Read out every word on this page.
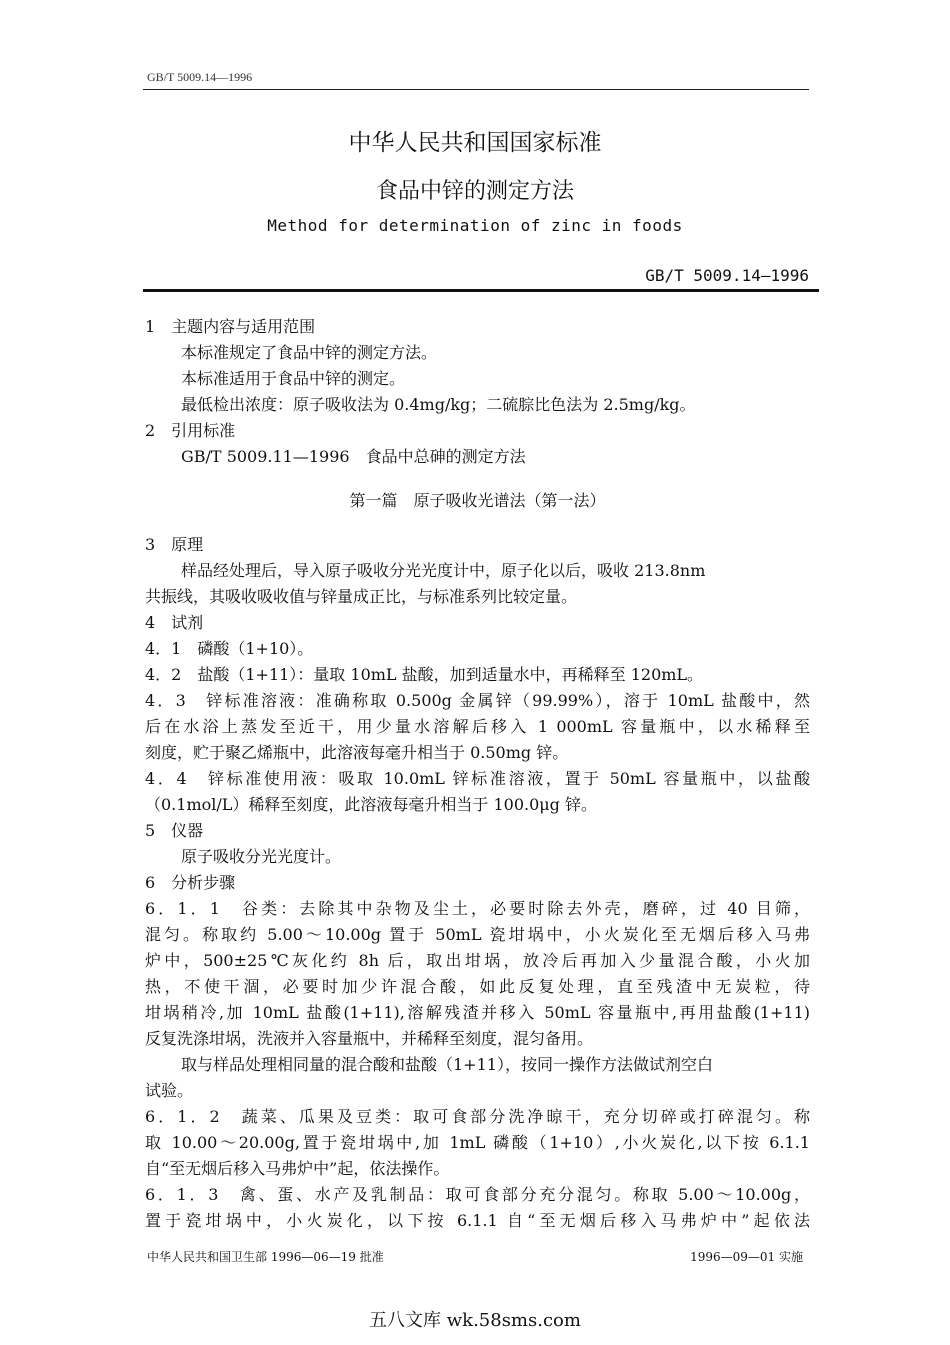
GB/T 5009.14—1996
中华人民共和国国家标准
食品中锌的测定方法
Method for determination of zinc in foods
GB/T 5009.14—1996
1　主题内容与适用范围
本标准规定了食品中锌的测定方法。
本标准适用于食品中锌的测定。
最低检出浓度：原子吸收法为 0.4mg/kg；二硫腙比色法为 2.5mg/kg。
2　引用标准
GB/T 5009.11—1996　食品中总砷的测定方法
第一篇　原子吸收光谱法（第一法）
3　原理
样品经处理后，导入原子吸收分光光度计中，原子化以后，吸收 213.8nm
共振线，其吸收吸收值与锌量成正比，与标准系列比较定量。
4　试剂
4．1　磷酸（1+10）。
4．2　盐酸（1+11）：量取 10mL 盐酸，加到适量水中，再稀释至 120mL。
4．3　锌标准溶液：准确称取 0.500g 金属锌（99.99%），溶于 10mL 盐酸中，然
后在水浴上蒸发至近干，用少量水溶解后移入 1 000mL 容量瓶中，以水稀释至
刻度，贮于聚乙烯瓶中，此溶液每毫升相当于 0.50mg 锌。
4．4　锌标准使用液：吸取 10.0mL 锌标准溶液，置于 50mL 容量瓶中，以盐酸
（0.1mol/L）稀释至刻度，此溶液每毫升相当于 100.0μg 锌。
5　仪器
原子吸收分光光度计。
6　分析步骤
6．1．1　谷类：去除其中杂物及尘土，必要时除去外壳，磨碎，过 40 目筛，
混匀。称取约 5.00～10.00g 置于 50mL 瓷坩埚中，小火炭化至无烟后移入马弗
炉中，500±25℃灰化约 8h 后，取出坩埚，放冷后再加入少量混合酸，小火加
热，不使干涸，必要时加少许混合酸，如此反复处理，直至残渣中无炭粒，待
坩埚稍冷,加 10mL 盐酸(1+11),溶解残渣并移入 50mL 容量瓶中,再用盐酸(1+11)
反复洗涤坩埚，洗液并入容量瓶中，并稀释至刻度，混匀备用。
取与样品处理相同量的混合酸和盐酸（1+11），按同一操作方法做试剂空白
试验。
6．1．2　蔬菜、瓜果及豆类：取可食部分洗净晾干，充分切碎或打碎混匀。称
取 10.00～20.00g,置于瓷坩埚中,加 1mL 磷酸（1+10）,小火炭化,以下按 6.1.1
自“至无烟后移入马弗炉中”起，依法操作。
6．1．3　禽、蛋、水产及乳制品：取可食部分充分混匀。称取 5.00～10.00g，
置于瓷坩埚中，小火炭化，以下按 6.1.1 自“至无烟后移入马弗炉中”起依法
中华人民共和国卫生部 1996—06—19 批准	1996—09—01 实施
五八文库 wk.58sms.com
